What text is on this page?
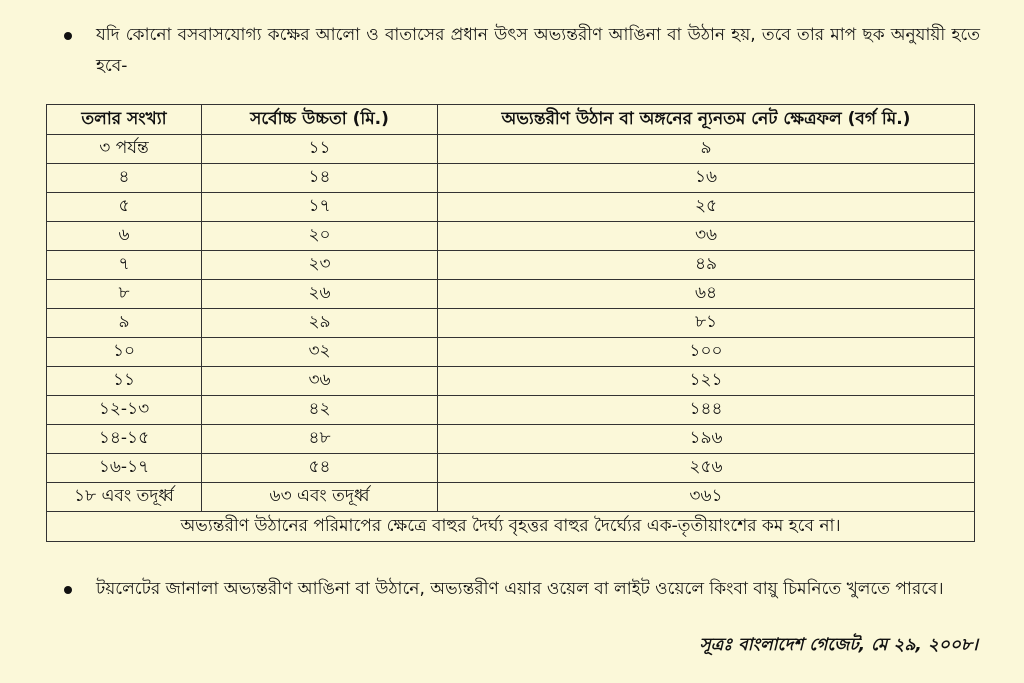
যদি কোনো বসবাসযোগ্য কক্ষের আলো ও বাতাসের প্রধান উৎস অভ্যন্তরীণ আঙিনা বা উঠান হয়, তবে তার মাপ ছক অনুযায়ী হতে হবে-
তলার সংখ্যা	সর্বোচ্চ উচ্চতা (মি.)	অভ্যন্তরীণ উঠান বা অঙ্গনের ন্যূনতম নেট ক্ষেত্রফল (বর্গ মি.)
৩ পর্যন্ত	১১	৯
৪	১৪	১৬
৫	১৭	২৫
৬	২০	৩৬
৭	২৩	৪৯
৮	২৬	৬৪
৯	২৯	৮১
১০	৩২	১০০
১১	৩৬	১২১
১২-১৩	৪২	১৪৪
১৪-১৫	৪৮	১৯৬
১৬-১৭	৫৪	২৫৬
১৮ এবং তদূর্ধ্ব	৬৩ এবং তদূর্ধ্ব	৩৬১
অভ্যন্তরীণ উঠানের পরিমাপের ক্ষেত্রে বাহুর দৈর্ঘ্য বৃহত্তর বাহুর দৈর্ঘ্যের এক-তৃতীয়াংশের কম হবে না।		
টয়লেটের জানালা অভ্যন্তরীণ আঙিনা বা উঠানে, অভ্যন্তরীণ এয়ার ওয়েল বা লাইট ওয়েলে কিংবা বায়ু চিমনিতে খুলতে পারবে।
সূত্রঃ বাংলাদেশ গেজেট, মে ২৯, ২০০৮।
